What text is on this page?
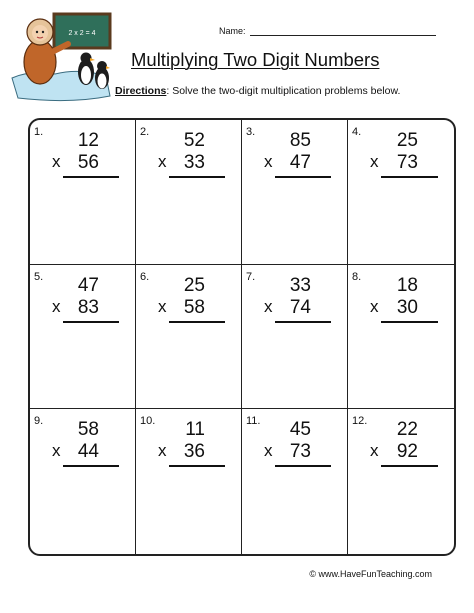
2 x 2 = 4	Name:
Multiplying Two Digit Numbers
Directions: Solve the two-digit multiplication problems below.
1. 12
x 56
2. 52
x 33
3. 85
x 47
4. 25
x 73
5. 47
x 83
6. 25
x 58
7. 33
x 74
8. 18
x 30
9. 58
x 44
10. 11
x 36
11. 45
x 73
12. 22
x 92
© www.HaveFunTeaching.com
